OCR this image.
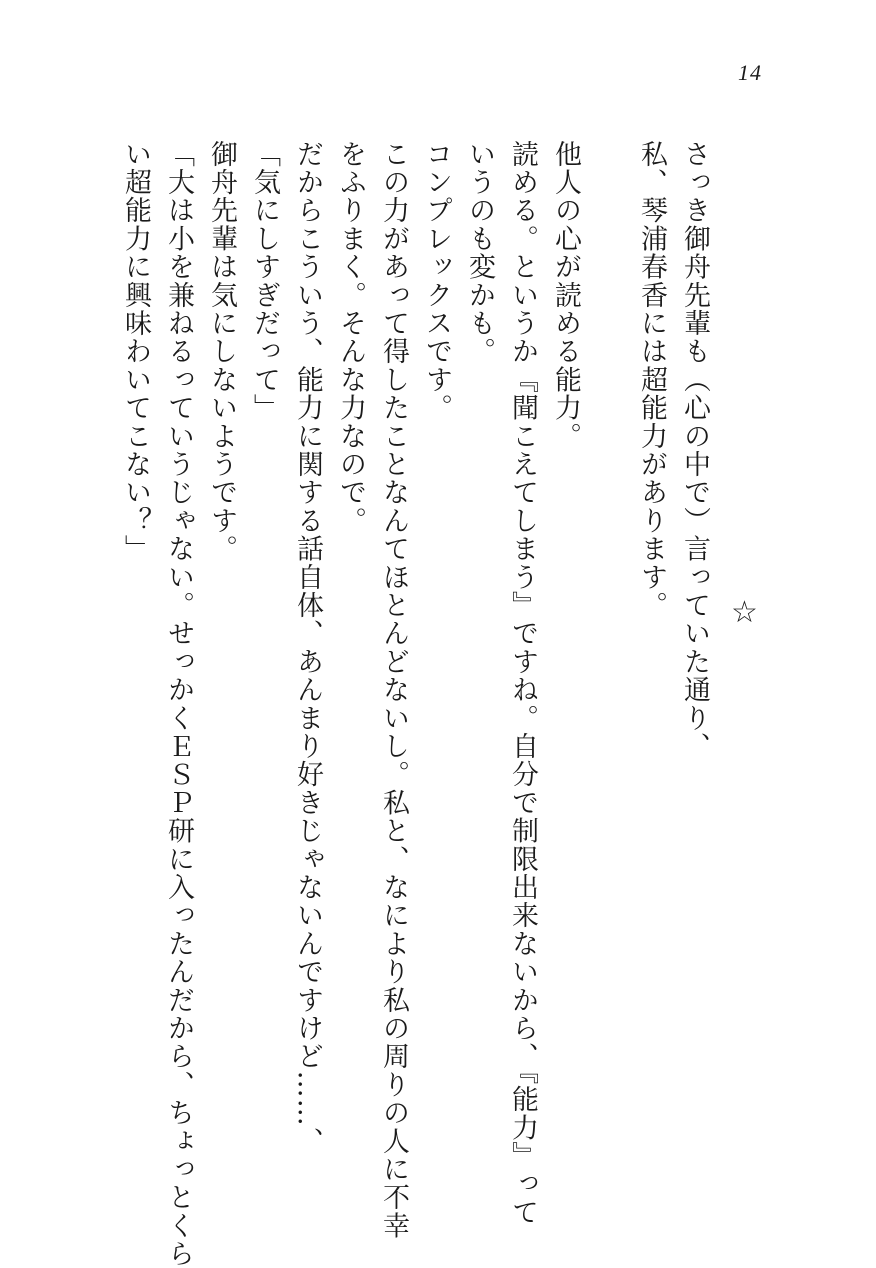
14
☆
さっき御舟先輩も（心の中で）言っていた通り、
私、琴浦春香には超能力があります。
他人の心が読める能力。
読める。というか『聞こえてしまう』ですね。自分で制限出来ないから、『能力』って
いうのも変かも。
コンプレックスです。
この力があって得したことなんてほとんどないし。私と、なにより私の周りの人に不幸
をふりまく。そんな力なので。
だからこういう、能力に関する話自体、あんまり好きじゃないんですけど……、
「気にしすぎだって」
御舟先輩は気にしないようです。
「大は小を兼ねるっていうじゃない。せっかくＥＳＰ研に入ったんだから、ちょっとくら
い超能力に興味わいてこない？」
